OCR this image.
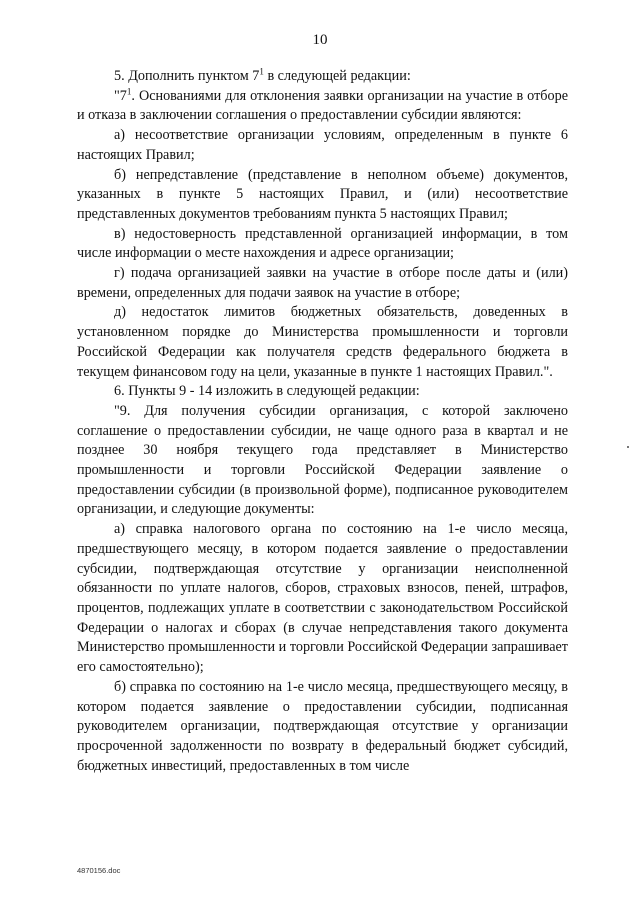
10

5. Дополнить пунктом $7^1$ в следующей редакции:

"$7^1$. Основаниями для отклонения заявки организации на участие в отборе и отказа в заключении соглашения о предоставлении субсидии являются:

а) несоответствие организации условиям, определенным в пункте 6 настоящих Правил;

б) непредставление (представление в неполном объеме) документов, указанных в пункте 5 настоящих Правил, и (или) несоответствие представленных документов требованиям пункта 5 настоящих Правил;

в) недостоверность представленной организацией информации, в том числе информации о месте нахождения и адресе организации;

г) подача организацией заявки на участие в отборе после даты и (или) времени, определенных для подачи заявок на участие в отборе;

д) недостаток лимитов бюджетных обязательств, доведенных в установленном порядке до Министерства промышленности и торговли Российской Федерации как получателя средств федерального бюджета в текущем финансовом году на цели, указанные в пункте 1 настоящих Правил.".

6. Пункты 9 - 14 изложить в следующей редакции:

"9. Для получения субсидии организация, с которой заключено соглашение о предоставлении субсидии, не чаще одного раза в квартал и не позднее 30 ноября текущего года представляет в Министерство промышленности и торговли Российской Федерации заявление о предоставлении субсидии (в произвольной форме), подписанное руководителем организации, и следующие документы:

а) справка налогового органа по состоянию на 1-е число месяца, предшествующего месяцу, в котором подается заявление о предоставлении субсидии, подтверждающая отсутствие у организации неисполненной обязанности по уплате налогов, сборов, страховых взносов, пеней, штрафов, процентов, подлежащих уплате в соответствии с законодательством Российской Федерации о налогах и сборах (в случае непредставления такого документа Министерство промышленности и торговли Российской Федерации запрашивает его самостоятельно);

б) справка по состоянию на 1-е число месяца, предшествующего месяцу, в котором подается заявление о предоставлении субсидии, подписанная руководителем организации, подтверждающая отсутствие у организации просроченной задолженности по возврату в федеральный бюджет субсидий, бюджетных инвестиций, предоставленных в том числе

4870156.doc
